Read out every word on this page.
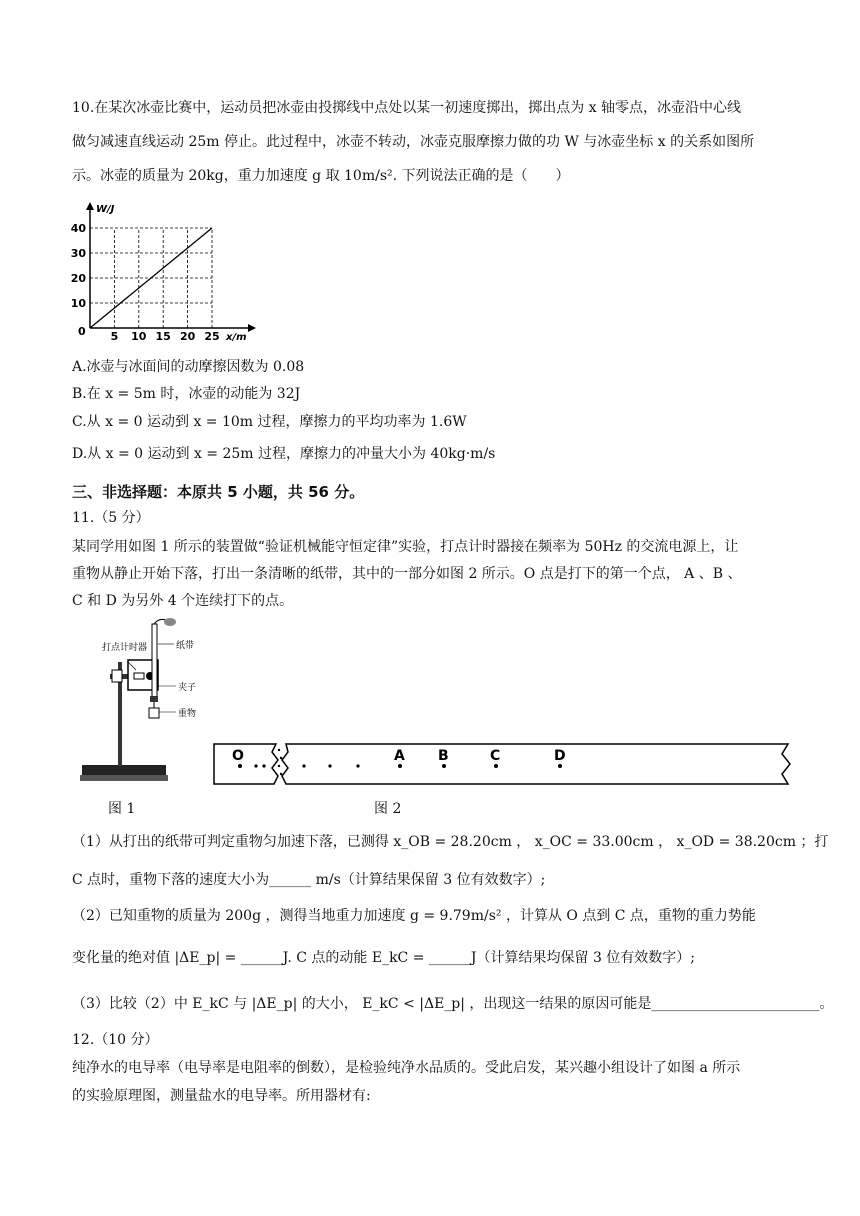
10.在某次冰壶比赛中，运动员把冰壶由投掷线中点处以某一初速度掷出，掷出点为 x 轴零点，冰壶沿中心线
做匀减速直线运动 25m 停止。此过程中，冰壶不转动，冰壶克服摩擦力做的功 W 与冰壶坐标 x 的关系如图所
示。冰壶的质量为 20kg，重力加速度 g 取 10m/s². 下列说法正确的是（　　）
W/J
x/m
0 5 10 15 20 25
10
20
30
40
A.冰壶与冰面间的动摩擦因数为 0.08
B.在 x = 5m 时，冰壶的动能为 32J
C.从 x = 0 运动到 x = 10m 过程，摩擦力的平均功率为 1.6W
D.从 x = 0 运动到 x = 25m 过程，摩擦力的冲量大小为 40kg·m/s
三、非选择题：本原共 5 小题，共 56 分。
11.（5 分）
某同学用如图 1 所示的装置做“验证机械能守恒定律”实验，打点计时器接在频率为 50Hz 的交流电源上，让
重物从静止开始下落，打出一条清晰的纸带，其中的一部分如图 2 所示。O 点是打下的第一个点， A 、B 、
C 和 D 为另外 4 个连续打下的点。
打点计时器	纸带
夹子
重物
O	A B	C	D
图 1	图 2
（1）从打出的纸带可判定重物匀加速下落，已测得 x_OB = 28.20cm ， x_OC = 33.00cm ， x_OD = 38.20cm ；打
C 点时，重物下落的速度大小为______ m/s（计算结果保留 3 位有效数字）;
（2）已知重物的质量为 200g ，测得当地重力加速度 g = 9.79m/s² ，计算从 O 点到 C 点，重物的重力势能
变化量的绝对值 |ΔE_p| = ______J. C 点的动能 E_kC = ______J（计算结果均保留 3 位有效数字）;
（3）比较（2）中 E_kC 与 |ΔE_p| 的大小， E_kC < |ΔE_p| ，出现这一结果的原因可能是________________________。
12.（10 分）
纯净水的电导率（电导率是电阻率的倒数），是检验纯净水品质的。受此启发，某兴趣小组设计了如图 a 所示
的实验原理图，测量盐水的电导率。所用器材有:
